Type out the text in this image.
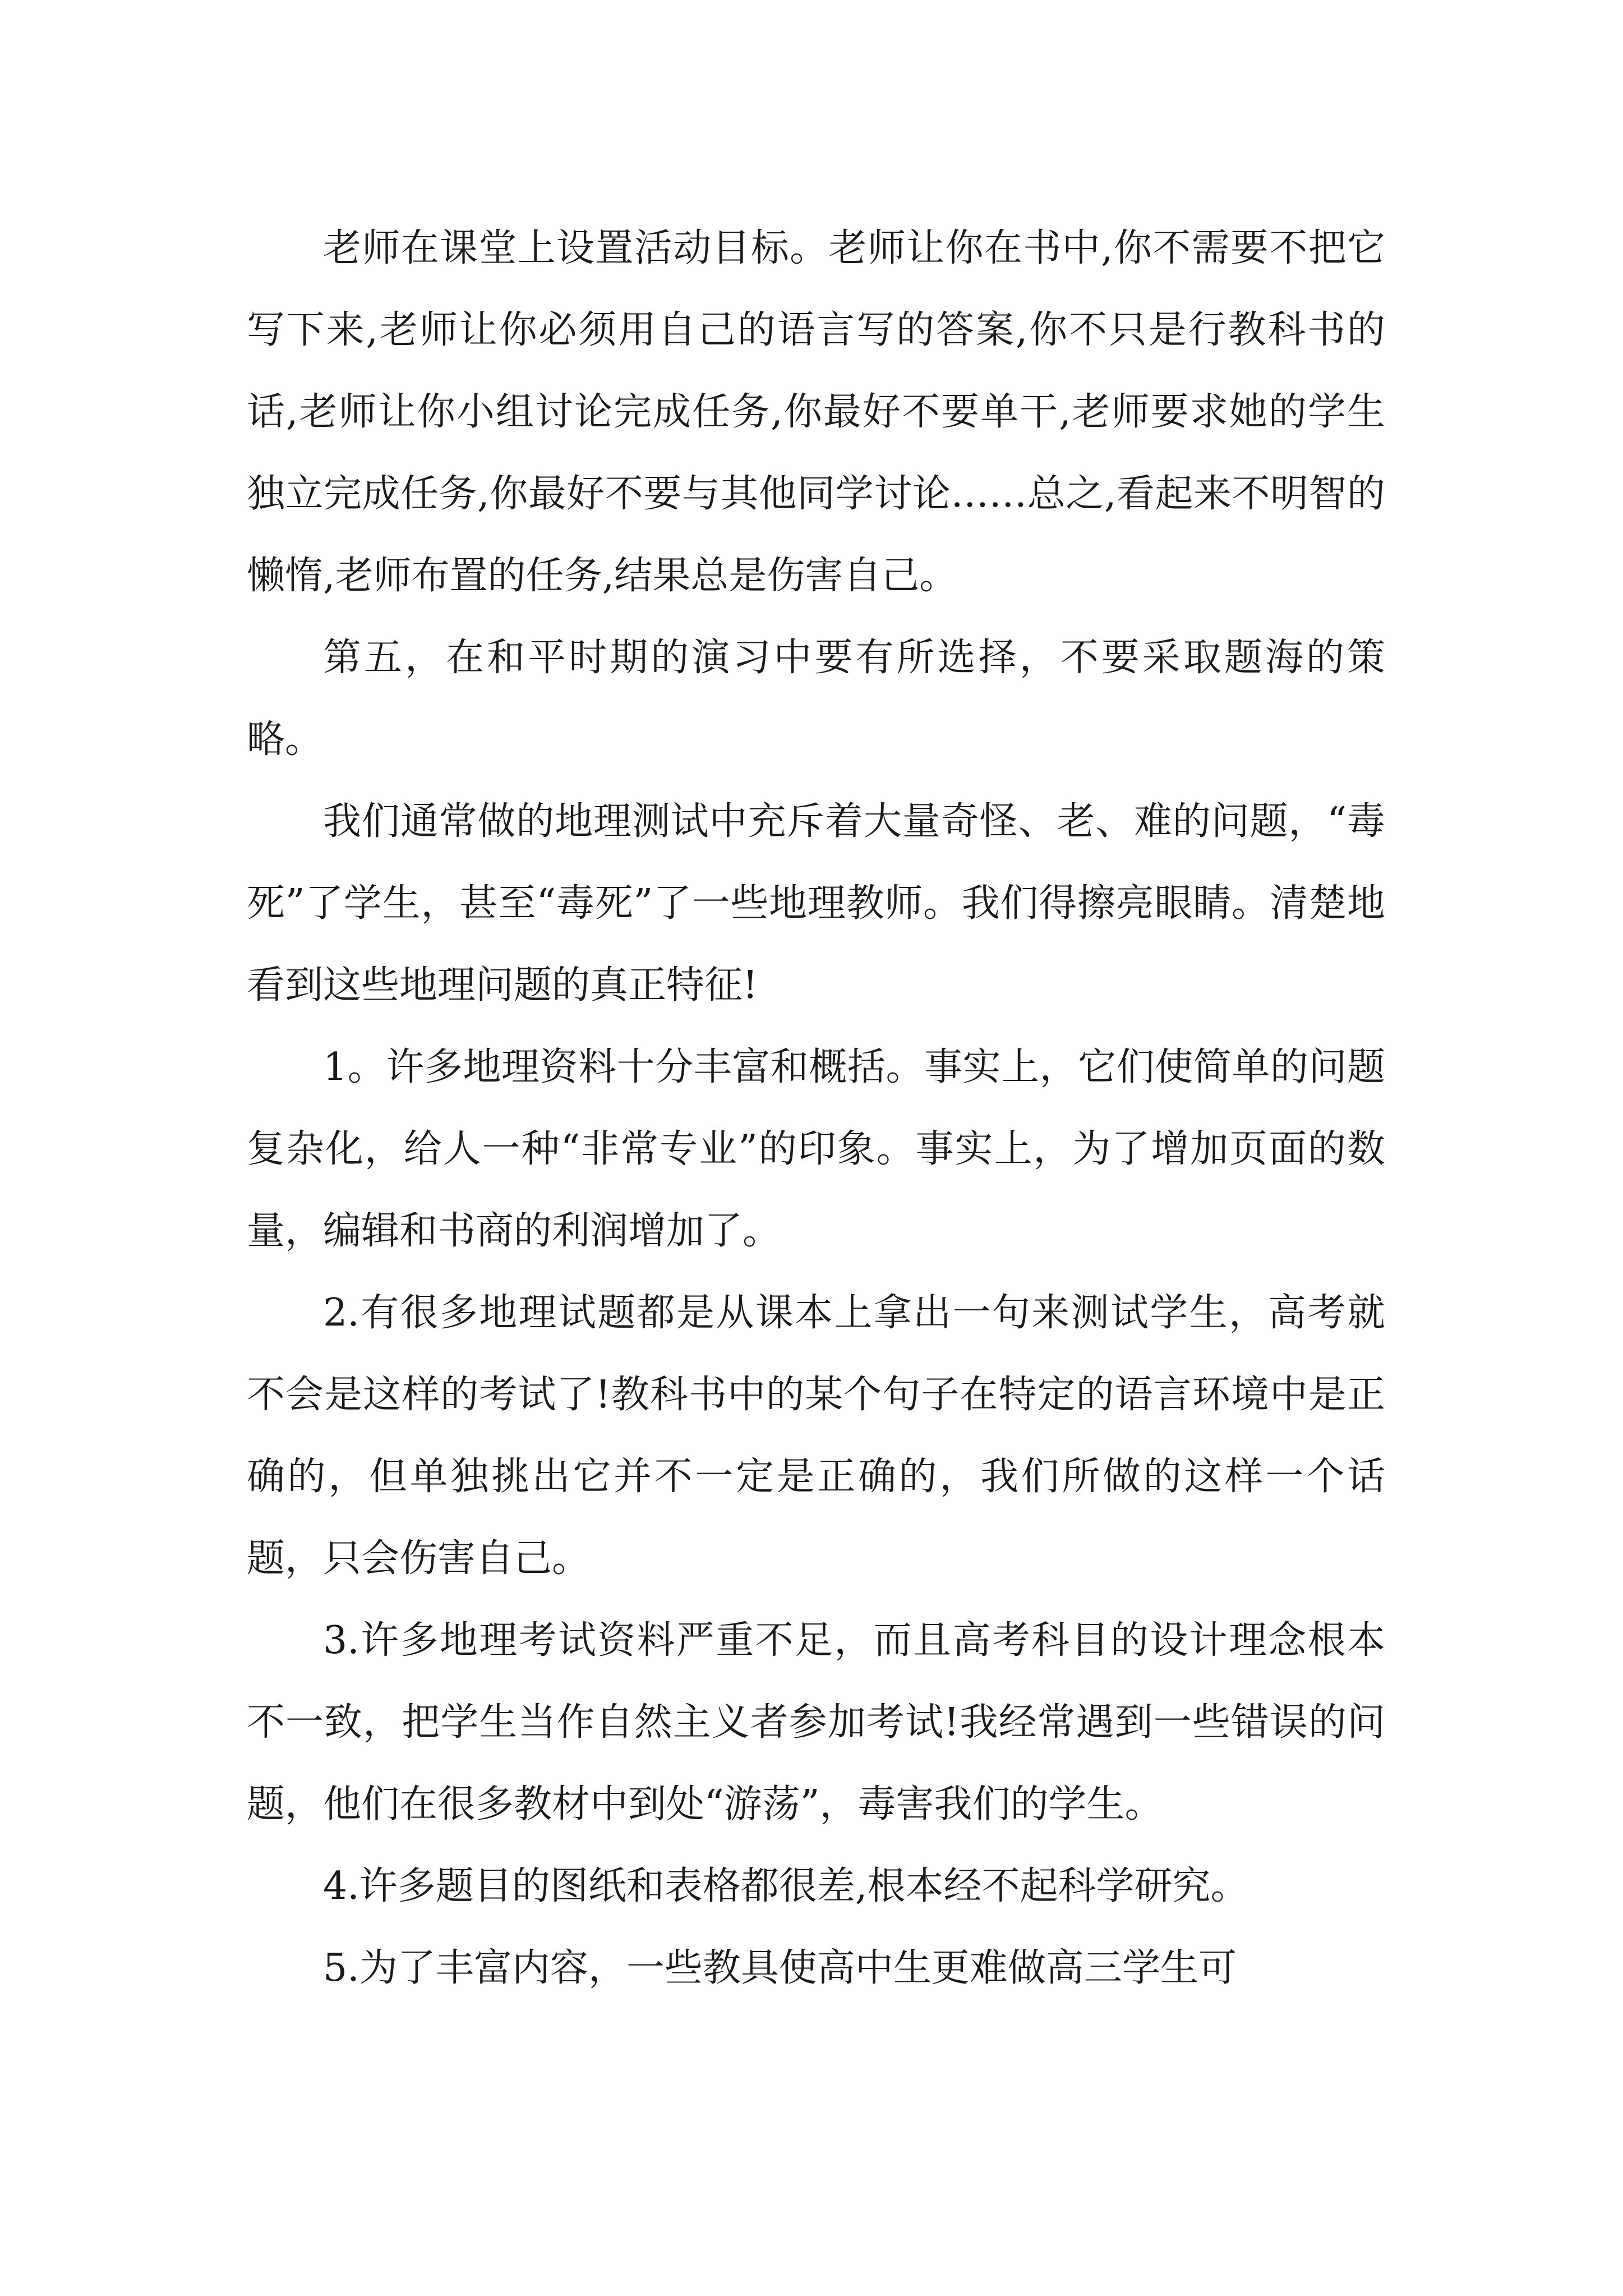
老师在课堂上设置活动目标。老师让你在书中,你不需要不把它写下来,老师让你必须用自己的语言写的答案,你不只是行教科书的话,老师让你小组讨论完成任务,你最好不要单干,老师要求她的学生独立完成任务,你最好不要与其他同学讨论……总之,看起来不明智的懒惰,老师布置的任务,结果总是伤害自己。

第五，在和平时期的演习中要有所选择，不要采取题海的策略。

我们通常做的地理测试中充斥着大量奇怪、老、难的问题，“毒死”了学生，甚至“毒死”了一些地理教师。我们得擦亮眼睛。清楚地看到这些地理问题的真正特征!

1。许多地理资料十分丰富和概括。事实上，它们使简单的问题复杂化，给人一种“非常专业”的印象。事实上，为了增加页面的数量，编辑和书商的利润增加了。

2.有很多地理试题都是从课本上拿出一句来测试学生，高考就不会是这样的考试了!教科书中的某个句子在特定的语言环境中是正确的，但单独挑出它并不一定是正确的，我们所做的这样一个话题，只会伤害自己。

3.许多地理考试资料严重不足，而且高考科目的设计理念根本不一致，把学生当作自然主义者参加考试!我经常遇到一些错误的问题，他们在很多教材中到处“游荡”，毒害我们的学生。

4.许多题目的图纸和表格都很差,根本经不起科学研究。

5.为了丰富内容，一些教具使高中生更难做高三学生可
